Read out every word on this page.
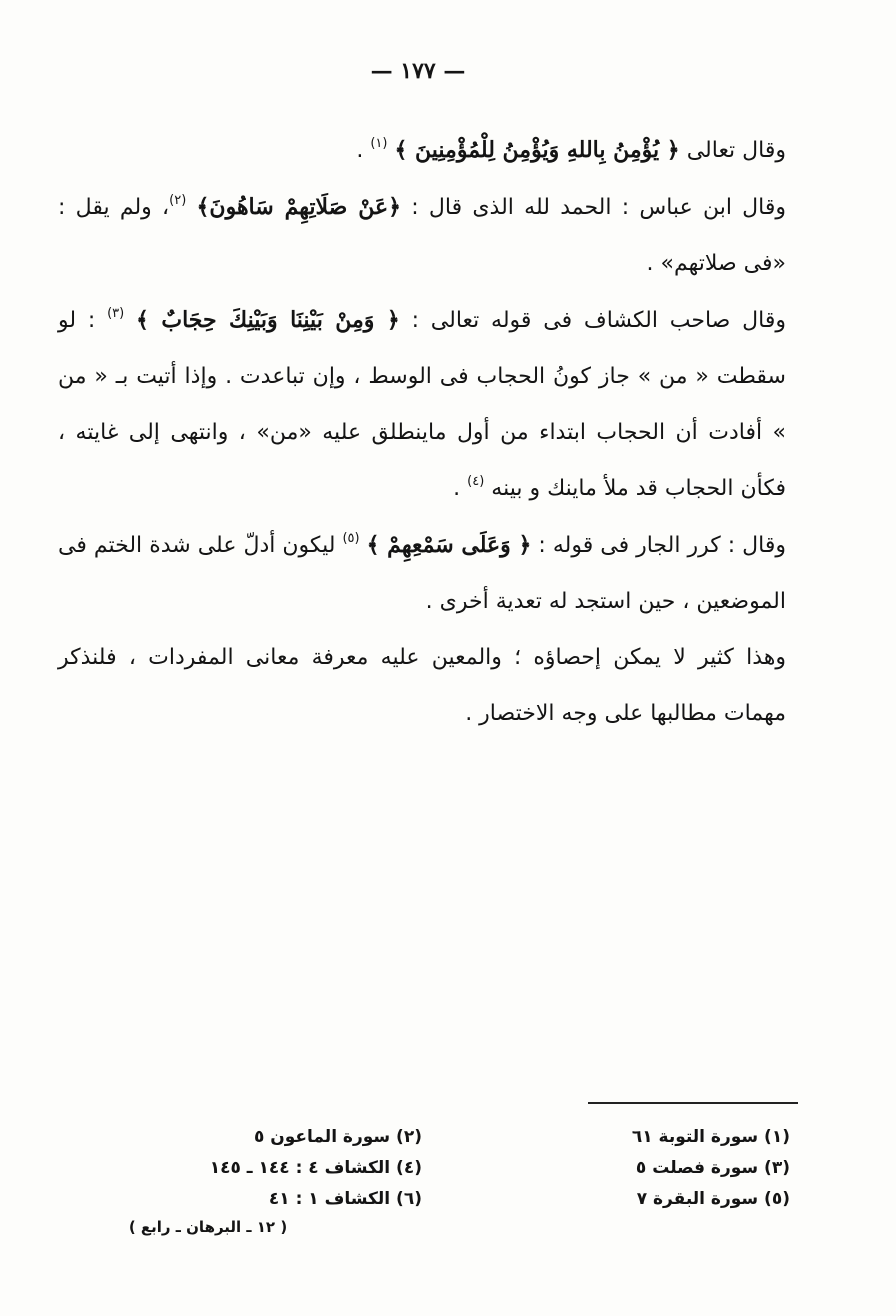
— ١٧٧ —

وقال تعالى ﴿ يُؤْمِنُ بِاللهِ وَيُؤْمِنُ لِلْمُؤْمِنِينَ ﴾ $^{(١)}$ .

وقال ابن عباس : الحمد لله الذى قال : ﴿عَنْ صَلَاتِهِمْ سَاهُونَ﴾ $^{(٢)}$، ولم يقل : «فى صلاتهم» .

وقال صاحب الكشاف فى قوله تعالى : ﴿ وَمِنْ بَيْنِنَا وَبَيْنِكَ حِجَابٌ ﴾ $^{(٣)}$ : لو سقطت « من » جاز كونُ الحجاب فى الوسط ، وإن تباعدت . وإذا أتيت بـ « من » أفادت أن الحجاب ابتداء من أول ماينطلق عليه «من» ، وانتهى إلى غايته ، فكأن الحجاب قد ملأ ماينك و بينه $^{(٤)}$ .

وقال : كرر الجار فى قوله : ﴿ وَعَلَى سَمْعِهِمْ ﴾ $^{(٥)}$ ليكون أدلّ على شدة الختم فى الموضعين ، حين استجد له تعدية أخرى .

وهذا كثير لا يمكن إحصاؤه ؛ والمعين عليه معرفة معانى المفردات ، فلنذكر مهمات مطالبها على وجه الاختصار .

(١) سورة التوبة ٦١
(٣) سورة فصلت ٥
(٥) سورة البقرة ٧
(٢) سورة الماعون ٥
(٤) الكشاف ٤ : ١٤٤ ـ ١٤٥
(٦) الكشاف ١ : ٤١
( ١٢ ـ البرهان ـ رابع )
